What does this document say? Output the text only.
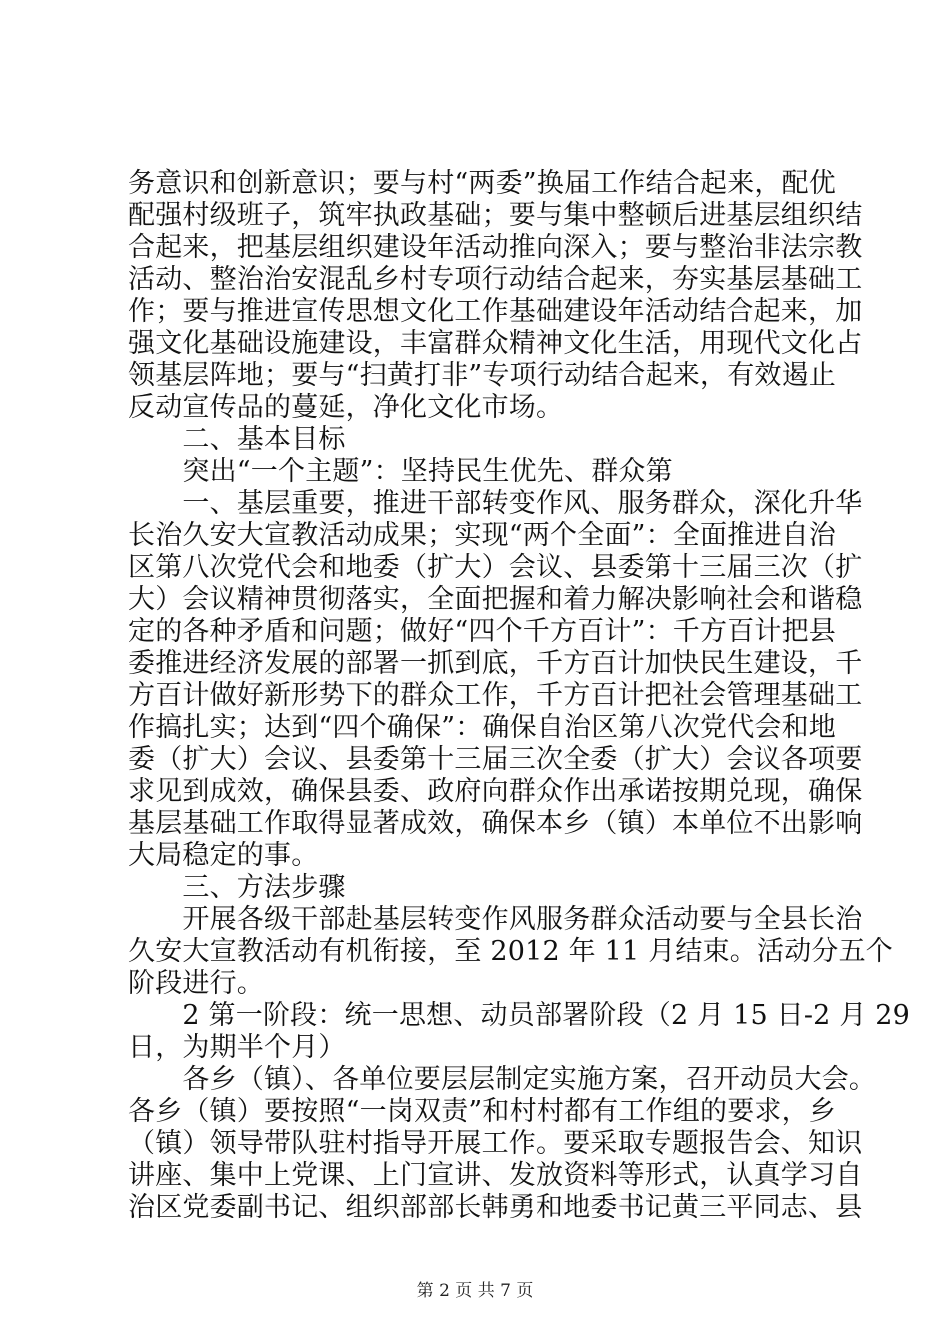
务意识和创新意识；要与村“两委”换届工作结合起来，配优
配强村级班子，筑牢执政基础；要与集中整顿后进基层组织结
合起来，把基层组织建设年活动推向深入；要与整治非法宗教
活动、整治治安混乱乡村专项行动结合起来，夯实基层基础工
作；要与推进宣传思想文化工作基础建设年活动结合起来，加
强文化基础设施建设，丰富群众精神文化生活，用现代文化占
领基层阵地；要与“扫黄打非”专项行动结合起来，有效遏止
反动宣传品的蔓延，净化文化市场。
　　二、基本目标
　　突出“一个主题”：坚持民生优先、群众第
　　一、基层重要，推进干部转变作风、服务群众，深化升华
长治久安大宣教活动成果；实现“两个全面”：全面推进自治
区第八次党代会和地委（扩大）会议、县委第十三届三次（扩
大）会议精神贯彻落实，全面把握和着力解决影响社会和谐稳
定的各种矛盾和问题；做好“四个千方百计”：千方百计把县
委推进经济发展的部署一抓到底，千方百计加快民生建设，千
方百计做好新形势下的群众工作，千方百计把社会管理基础工
作搞扎实；达到“四个确保”：确保自治区第八次党代会和地
委（扩大）会议、县委第十三届三次全委（扩大）会议各项要
求见到成效，确保县委、政府向群众作出承诺按期兑现，确保
基层基础工作取得显著成效，确保本乡（镇）本单位不出影响
大局稳定的事。
　　三、方法步骤
　　开展各级干部赴基层转变作风服务群众活动要与全县长治
久安大宣教活动有机衔接，至 2012 年 11 月结束。活动分五个
阶段进行。
　　2 第一阶段：统一思想、动员部署阶段（2 月 15 日-2 月 29
日，为期半个月）
　　各乡（镇）、各单位要层层制定实施方案，召开动员大会。
各乡（镇）要按照“一岗双责”和村村都有工作组的要求，乡
（镇）领导带队驻村指导开展工作。要采取专题报告会、知识
讲座、集中上党课、上门宣讲、发放资料等形式，认真学习自
治区党委副书记、组织部部长韩勇和地委书记黄三平同志、县
第 2 页 共 7 页
